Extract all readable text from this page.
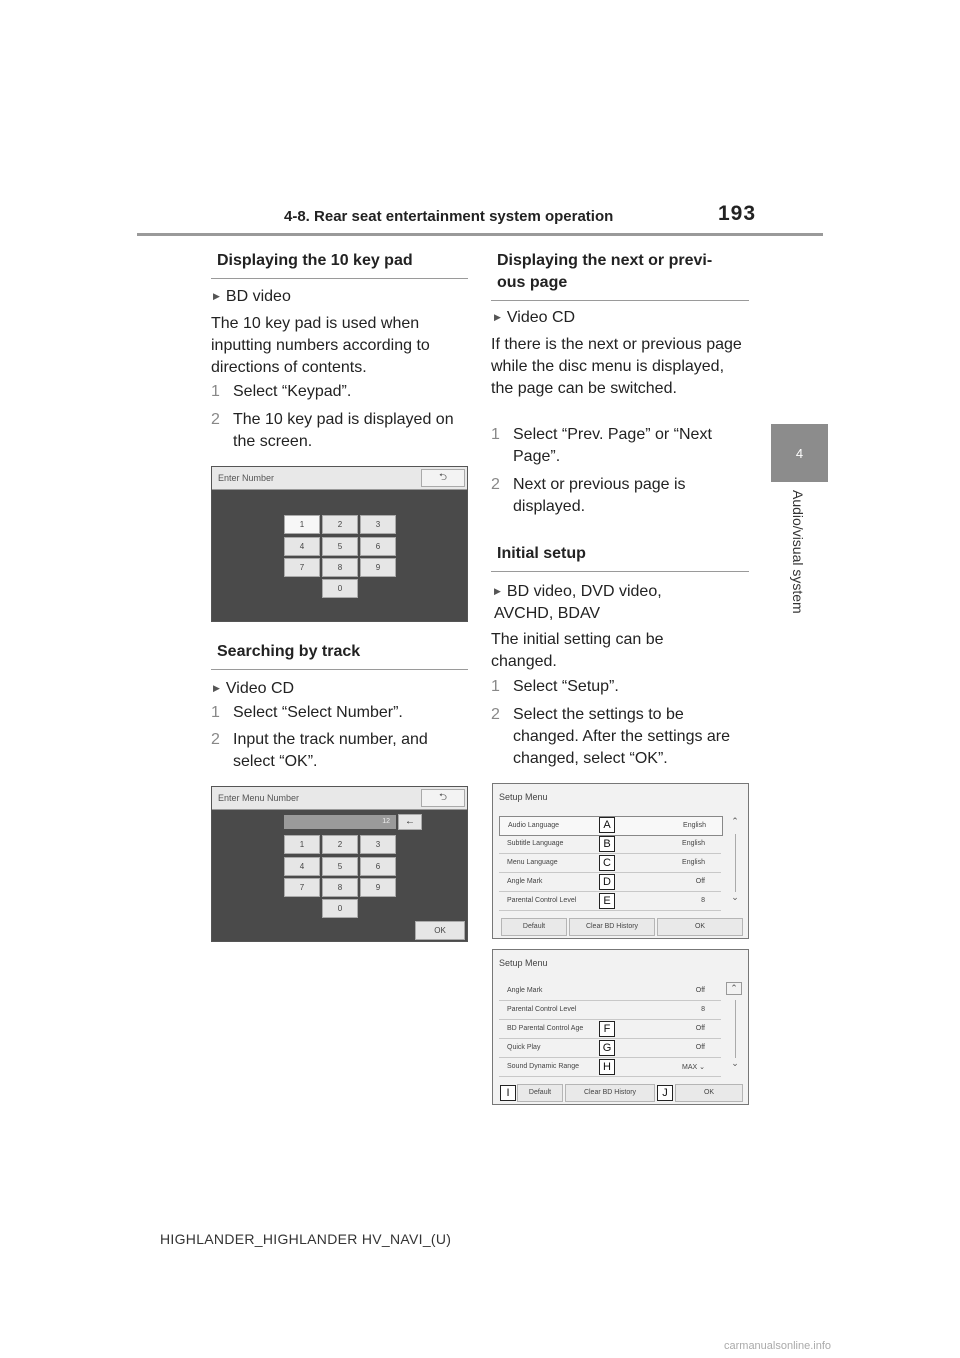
4-8. Rear seat entertainment system operation	193
4
Audio/visual system
Displaying the 10 key pad
▶ BD video
The 10 key pad is used when inputting numbers according to directions of contents.
1 Select “Keypad”.
2 The 10 key pad is displayed on the screen.
Enter Number	⮌
1	2	3
4	5	6
7	8	9
0
Searching by track
▶ Video CD
1 Select “Select Number”.
2 Input the track number, and select “OK”.
Enter Menu Number	⮌
12	←
1	2	3
4	5	6
7	8	9
0
OK
Displaying the next or previ-
ous page
▶ Video CD
If there is the next or previous page while the disc menu is displayed, the page can be switched.
1 Select “Prev. Page” or “Next Page”.
2 Next or previous page is displayed.
Initial setup
▶ BD video, DVD video, AVCHD, BDAV
The initial setting can be changed.
1 Select “Setup”.
2 Select the settings to be changed. After the settings are changed, select “OK”.
Setup Menu
Audio Language	English
Subtitle Language	English
Menu Language	English
Angle Mark	Off
Parental Control Level	8
A
B
C
D
E
⌃
⌄
Default	Clear BD History	OK
Setup Menu
Angle Mark	Off
Parental Control Level	8
BD Parental Control Age	Off
Quick Play	Off
Sound Dynamic Range	MAX ⌄
F
G
H
⌃
⌄
Default	Clear BD History	OK
I	J
HIGHLANDER_HIGHLANDER HV_NAVI_(U)
carmanualsonline.info
